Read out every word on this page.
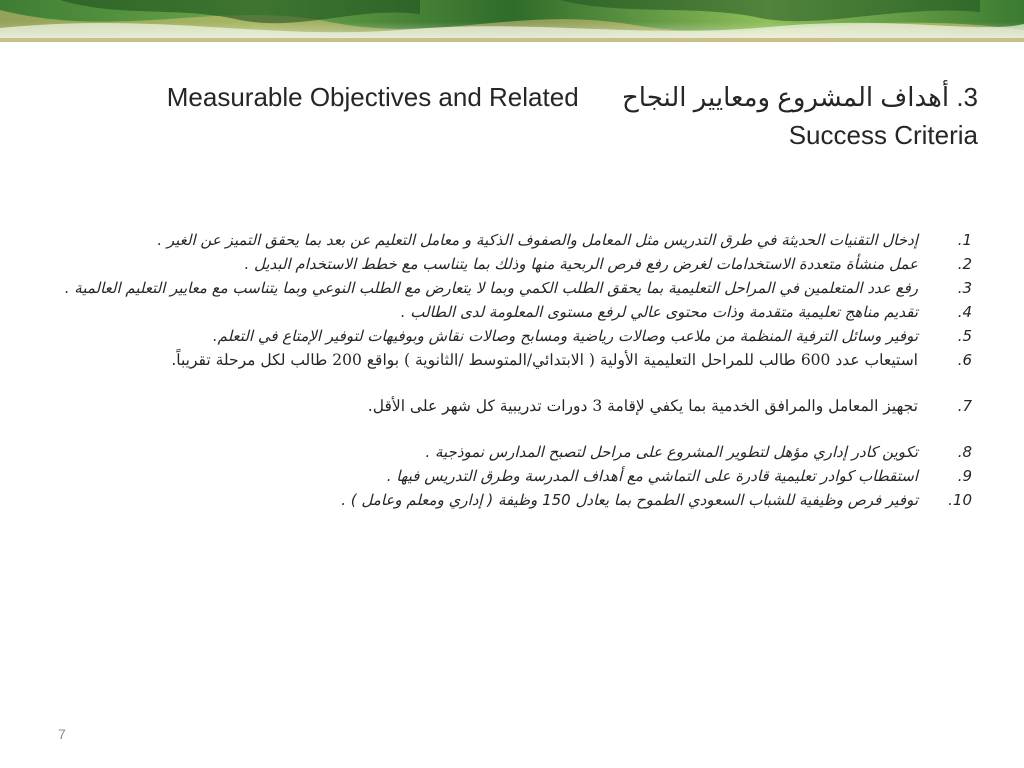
.3 أهداف المشروع ومعايير النجاح      Measurable Objectives and Related Success Criteria
.1
إدخال التقنيات الحديثة في طرق التدريس مثل المعامل والصفوف الذكية و معامل التعليم عن بعد بما يحقق التميز عن الغير .
.2
عمل منشأة متعددة الاستخدامات لغرض رفع فرص الربحية منها وذلك بما يتناسب مع خطط الاستخدام البديل .
.3
رفع عدد المتعلمين في المراحل التعليمية بما يحقق الطلب الكمي وبما لا يتعارض مع الطلب النوعي وبما يتناسب مع معايير التعليم العالمية .
.4
تقديم مناهج تعليمية متقدمة وذات محتوى عالي لرفع مستوى المعلومة لدى الطالب .
.5
توفير وسائل الترفية المنظمة من ملاعب وصالات رياضية ومسابح وصالات نقاش وبوفيهات لتوفير الإمتاع في التعلم.
.6
استيعاب عدد 600 طالب للمراحل التعليمية الأولية ( الابتدائي/المتوسط /الثانوية ) بواقع 200 طالب لكل مرحلة تقريباً.
.7
تجهيز المعامل والمرافق الخدمية بما يكفي لإقامة 3 دورات تدريبية كل شهر على الأقل.
.8
تكوين كادر إداري مؤهل لتطوير المشروع على مراحل لتصبح المدارس نموذجية .
.9
استقطاب كوادر تعليمية قادرة على التماشي مع أهداف المدرسة وطرق التدريس فيها .
.10
توفير فرص وظيفية للشباب السعودي الطموح بما يعادل 150 وظيفة ( إداري ومعلم وعامل ) .
7
